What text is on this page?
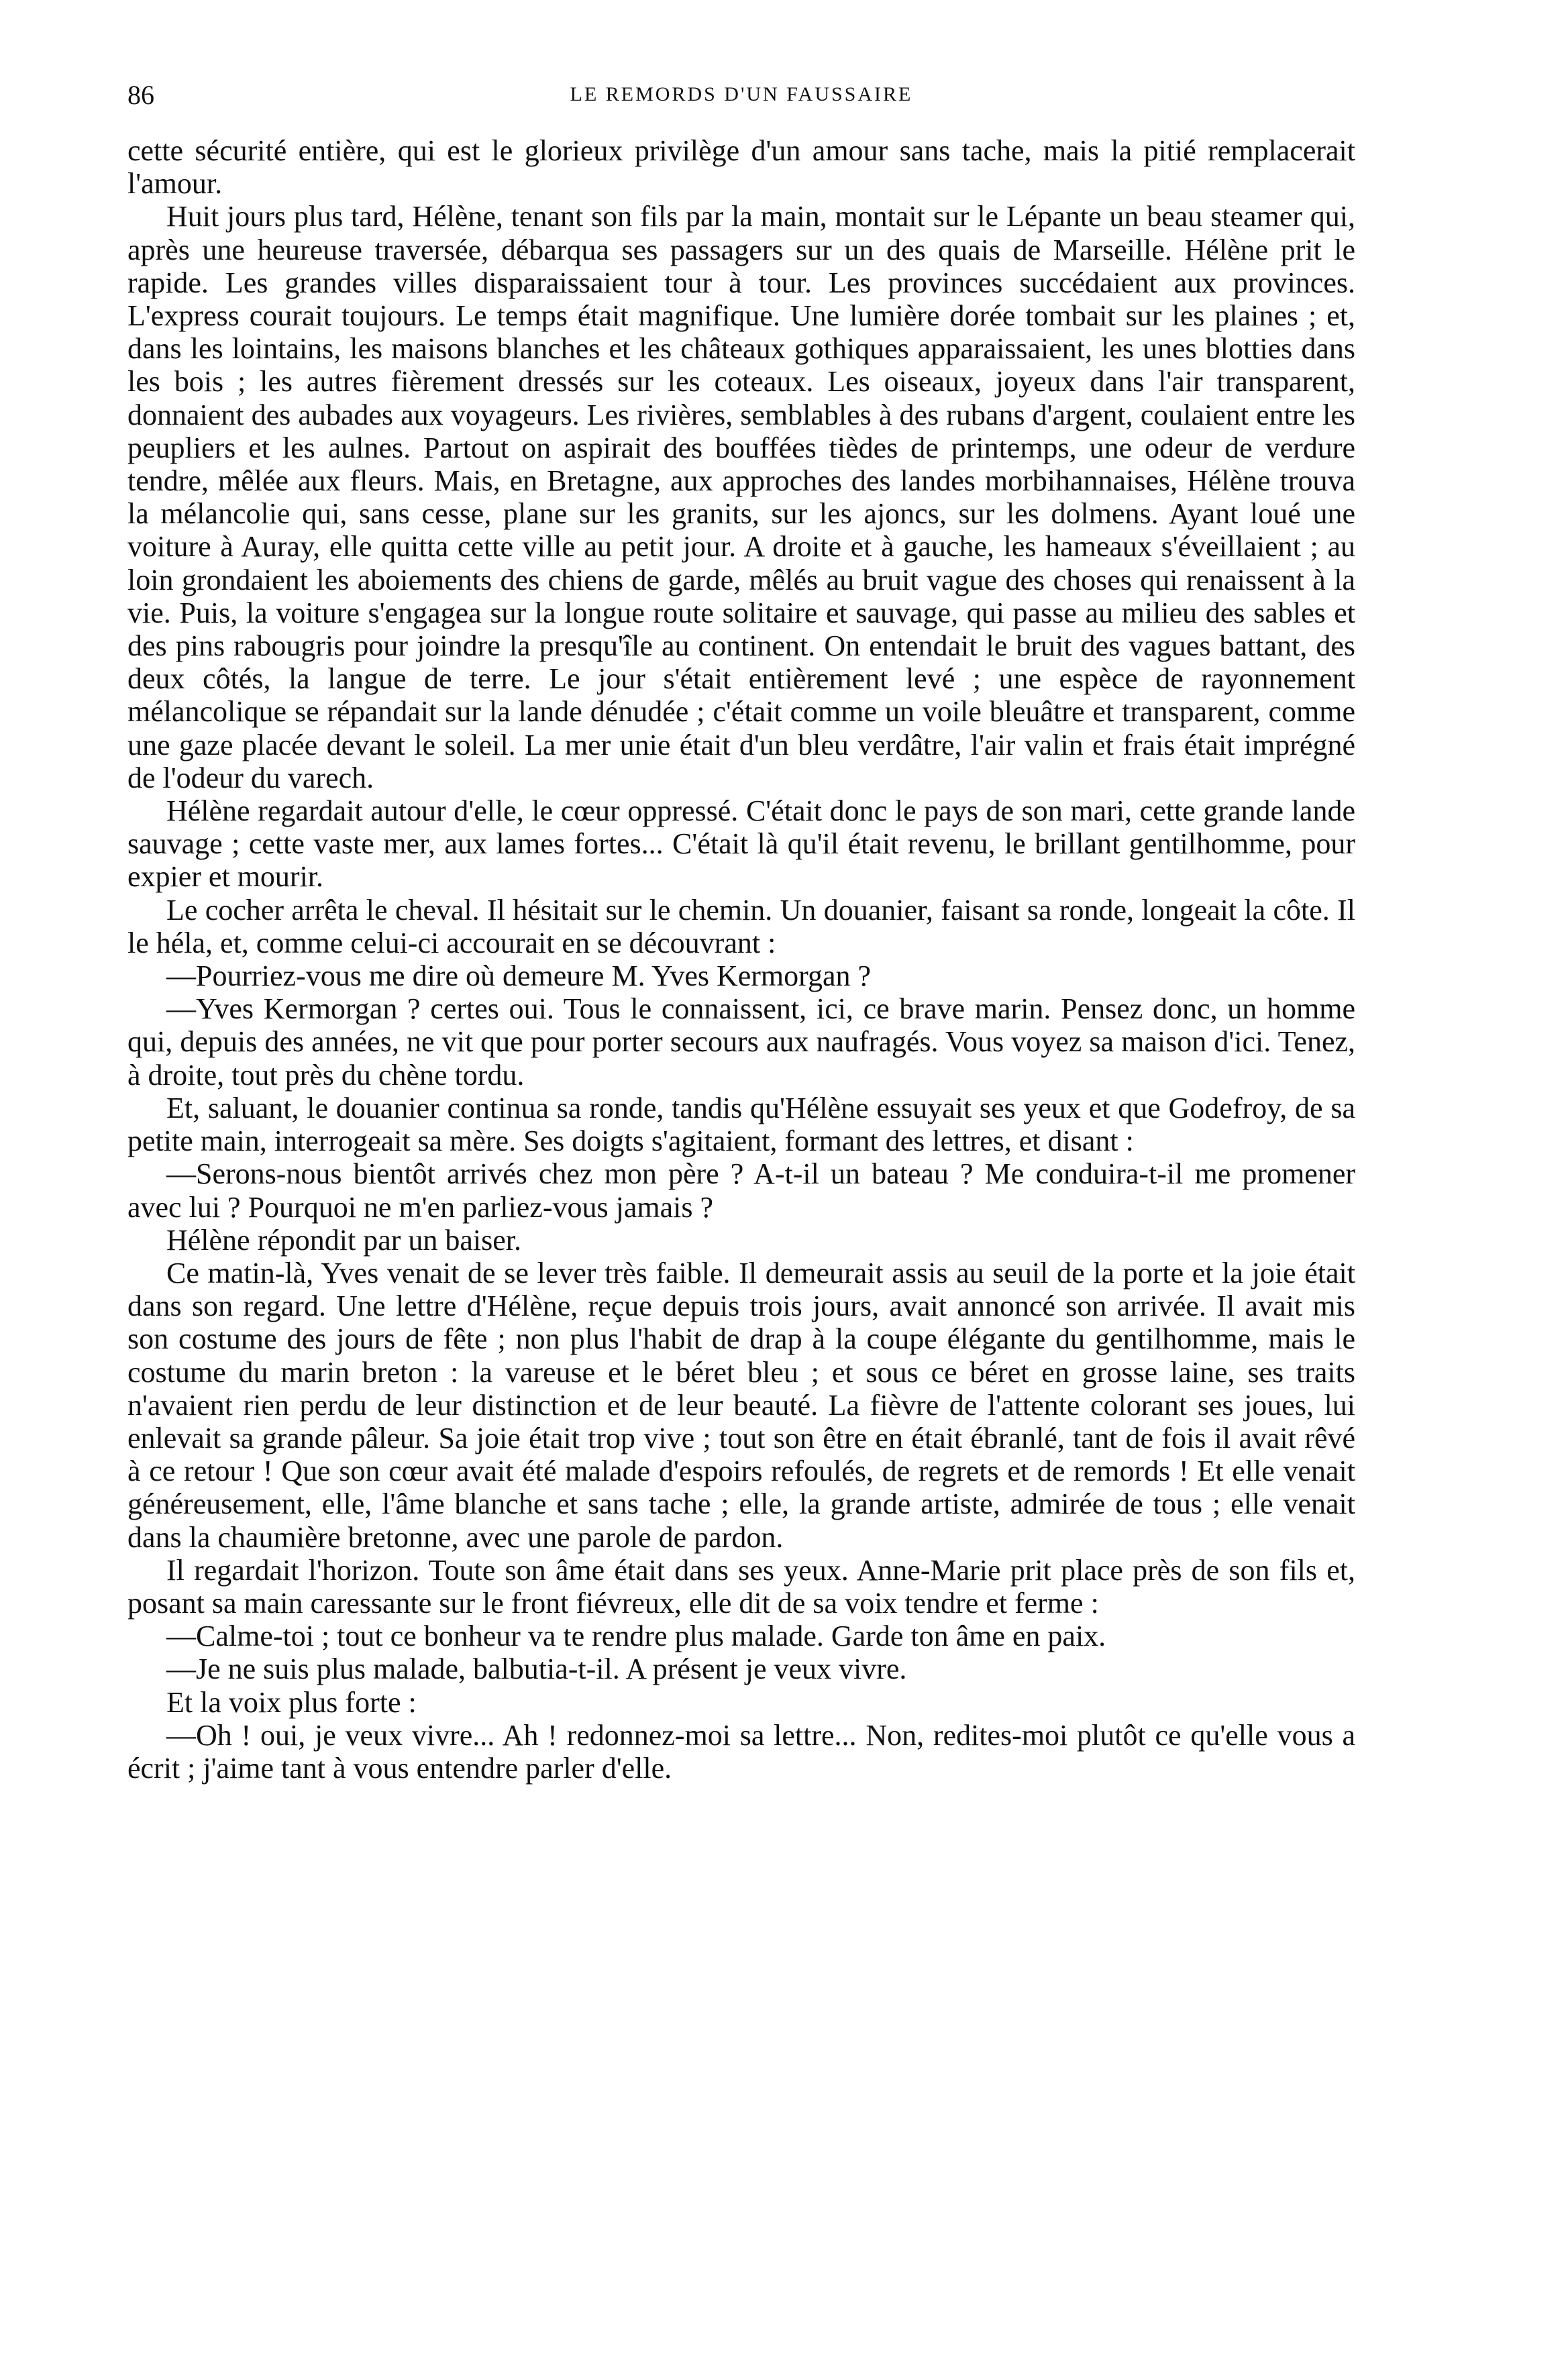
86	LE REMORDS D'UN FAUSSAIRE

cette sécurité entière, qui est le glorieux privilège d'un amour sans tache, mais la pitié remplacerait l'amour.

Huit jours plus tard, Hélène, tenant son fils par la main, montait sur le Lépante un beau steamer qui, après une heureuse traversée, débarqua ses passagers sur un des quais de Marseille. Hélène prit le rapide. Les grandes villes disparaissaient tour à tour. Les provinces succédaient aux provinces. L'express courait toujours. Le temps était magnifique. Une lumière dorée tombait sur les plaines ; et, dans les lointains, les maisons blanches et les châteaux gothiques apparaissaient, les unes blotties dans les bois ; les autres fièrement dressés sur les coteaux. Les oiseaux, joyeux dans l'air transparent, donnaient des aubades aux voyageurs. Les rivières, semblables à des rubans d'argent, coulaient entre les peupliers et les aulnes. Partout on aspirait des bouffées tièdes de printemps, une odeur de verdure tendre, mêlée aux fleurs. Mais, en Bretagne, aux approches des landes morbihannaises, Hélène trouva la mélancolie qui, sans cesse, plane sur les granits, sur les ajoncs, sur les dolmens. Ayant loué une voiture à Auray, elle quitta cette ville au petit jour. A droite et à gauche, les hameaux s'éveillaient ; au loin grondaient les aboiements des chiens de garde, mêlés au bruit vague des choses qui renaissent à la vie. Puis, la voiture s'engagea sur la longue route solitaire et sauvage, qui passe au milieu des sables et des pins rabougris pour joindre la presqu'île au continent. On entendait le bruit des vagues battant, des deux côtés, la langue de terre. Le jour s'était entièrement levé ; une espèce de rayonnement mélancolique se répandait sur la lande dénudée ; c'était comme un voile bleuâtre et transparent, comme une gaze placée devant le soleil. La mer unie était d'un bleu verdâtre, l'air valin et frais était imprégné de l'odeur du varech.

Hélène regardait autour d'elle, le cœur oppressé. C'était donc le pays de son mari, cette grande lande sauvage ; cette vaste mer, aux lames fortes... C'était là qu'il était revenu, le brillant gentilhomme, pour expier et mourir.

Le cocher arrêta le cheval. Il hésitait sur le chemin. Un douanier, faisant sa ronde, longeait la côte. Il le héla, et, comme celui-ci accourait en se découvrant :

—Pourriez-vous me dire où demeure M. Yves Kermorgan ?

—Yves Kermorgan ? certes oui. Tous le connaissent, ici, ce brave marin. Pensez donc, un homme qui, depuis des années, ne vit que pour porter secours aux naufragés. Vous voyez sa maison d'ici. Tenez, à droite, tout près du chène tordu.

Et, saluant, le douanier continua sa ronde, tandis qu'Hélène essuyait ses yeux et que Godefroy, de sa petite main, interrogeait sa mère. Ses doigts s'agitaient, formant des lettres, et disant :

—Serons-nous bientôt arrivés chez mon père ? A-t-il un bateau ? Me conduira-t-il me promener avec lui ? Pourquoi ne m'en parliez-vous jamais ?

Hélène répondit par un baiser.

Ce matin-là, Yves venait de se lever très faible. Il demeurait assis au seuil de la porte et la joie était dans son regard. Une lettre d'Hélène, reçue depuis trois jours, avait annoncé son arrivée. Il avait mis son costume des jours de fête ; non plus l'habit de drap à la coupe élégante du gentilhomme, mais le costume du marin breton : la vareuse et le béret bleu ; et sous ce béret en grosse laine, ses traits n'avaient rien perdu de leur distinction et de leur beauté. La fièvre de l'attente colorant ses joues, lui enlevait sa grande pâleur. Sa joie était trop vive ; tout son être en était ébranlé, tant de fois il avait rêvé à ce retour ! Que son cœur avait été malade d'espoirs refoulés, de regrets et de remords ! Et elle venait généreusement, elle, l'âme blanche et sans tache ; elle, la grande artiste, admirée de tous ; elle venait dans la chaumière bretonne, avec une parole de pardon.

Il regardait l'horizon. Toute son âme était dans ses yeux. Anne-Marie prit place près de son fils et, posant sa main caressante sur le front fiévreux, elle dit de sa voix tendre et ferme :

—Calme-toi ; tout ce bonheur va te rendre plus malade. Garde ton âme en paix.

—Je ne suis plus malade, balbutia-t-il. A présent je veux vivre.

Et la voix plus forte :

—Oh ! oui, je veux vivre... Ah ! redonnez-moi sa lettre... Non, redites-moi plutôt ce qu'elle vous a écrit ; j'aime tant à vous entendre parler d'elle.
